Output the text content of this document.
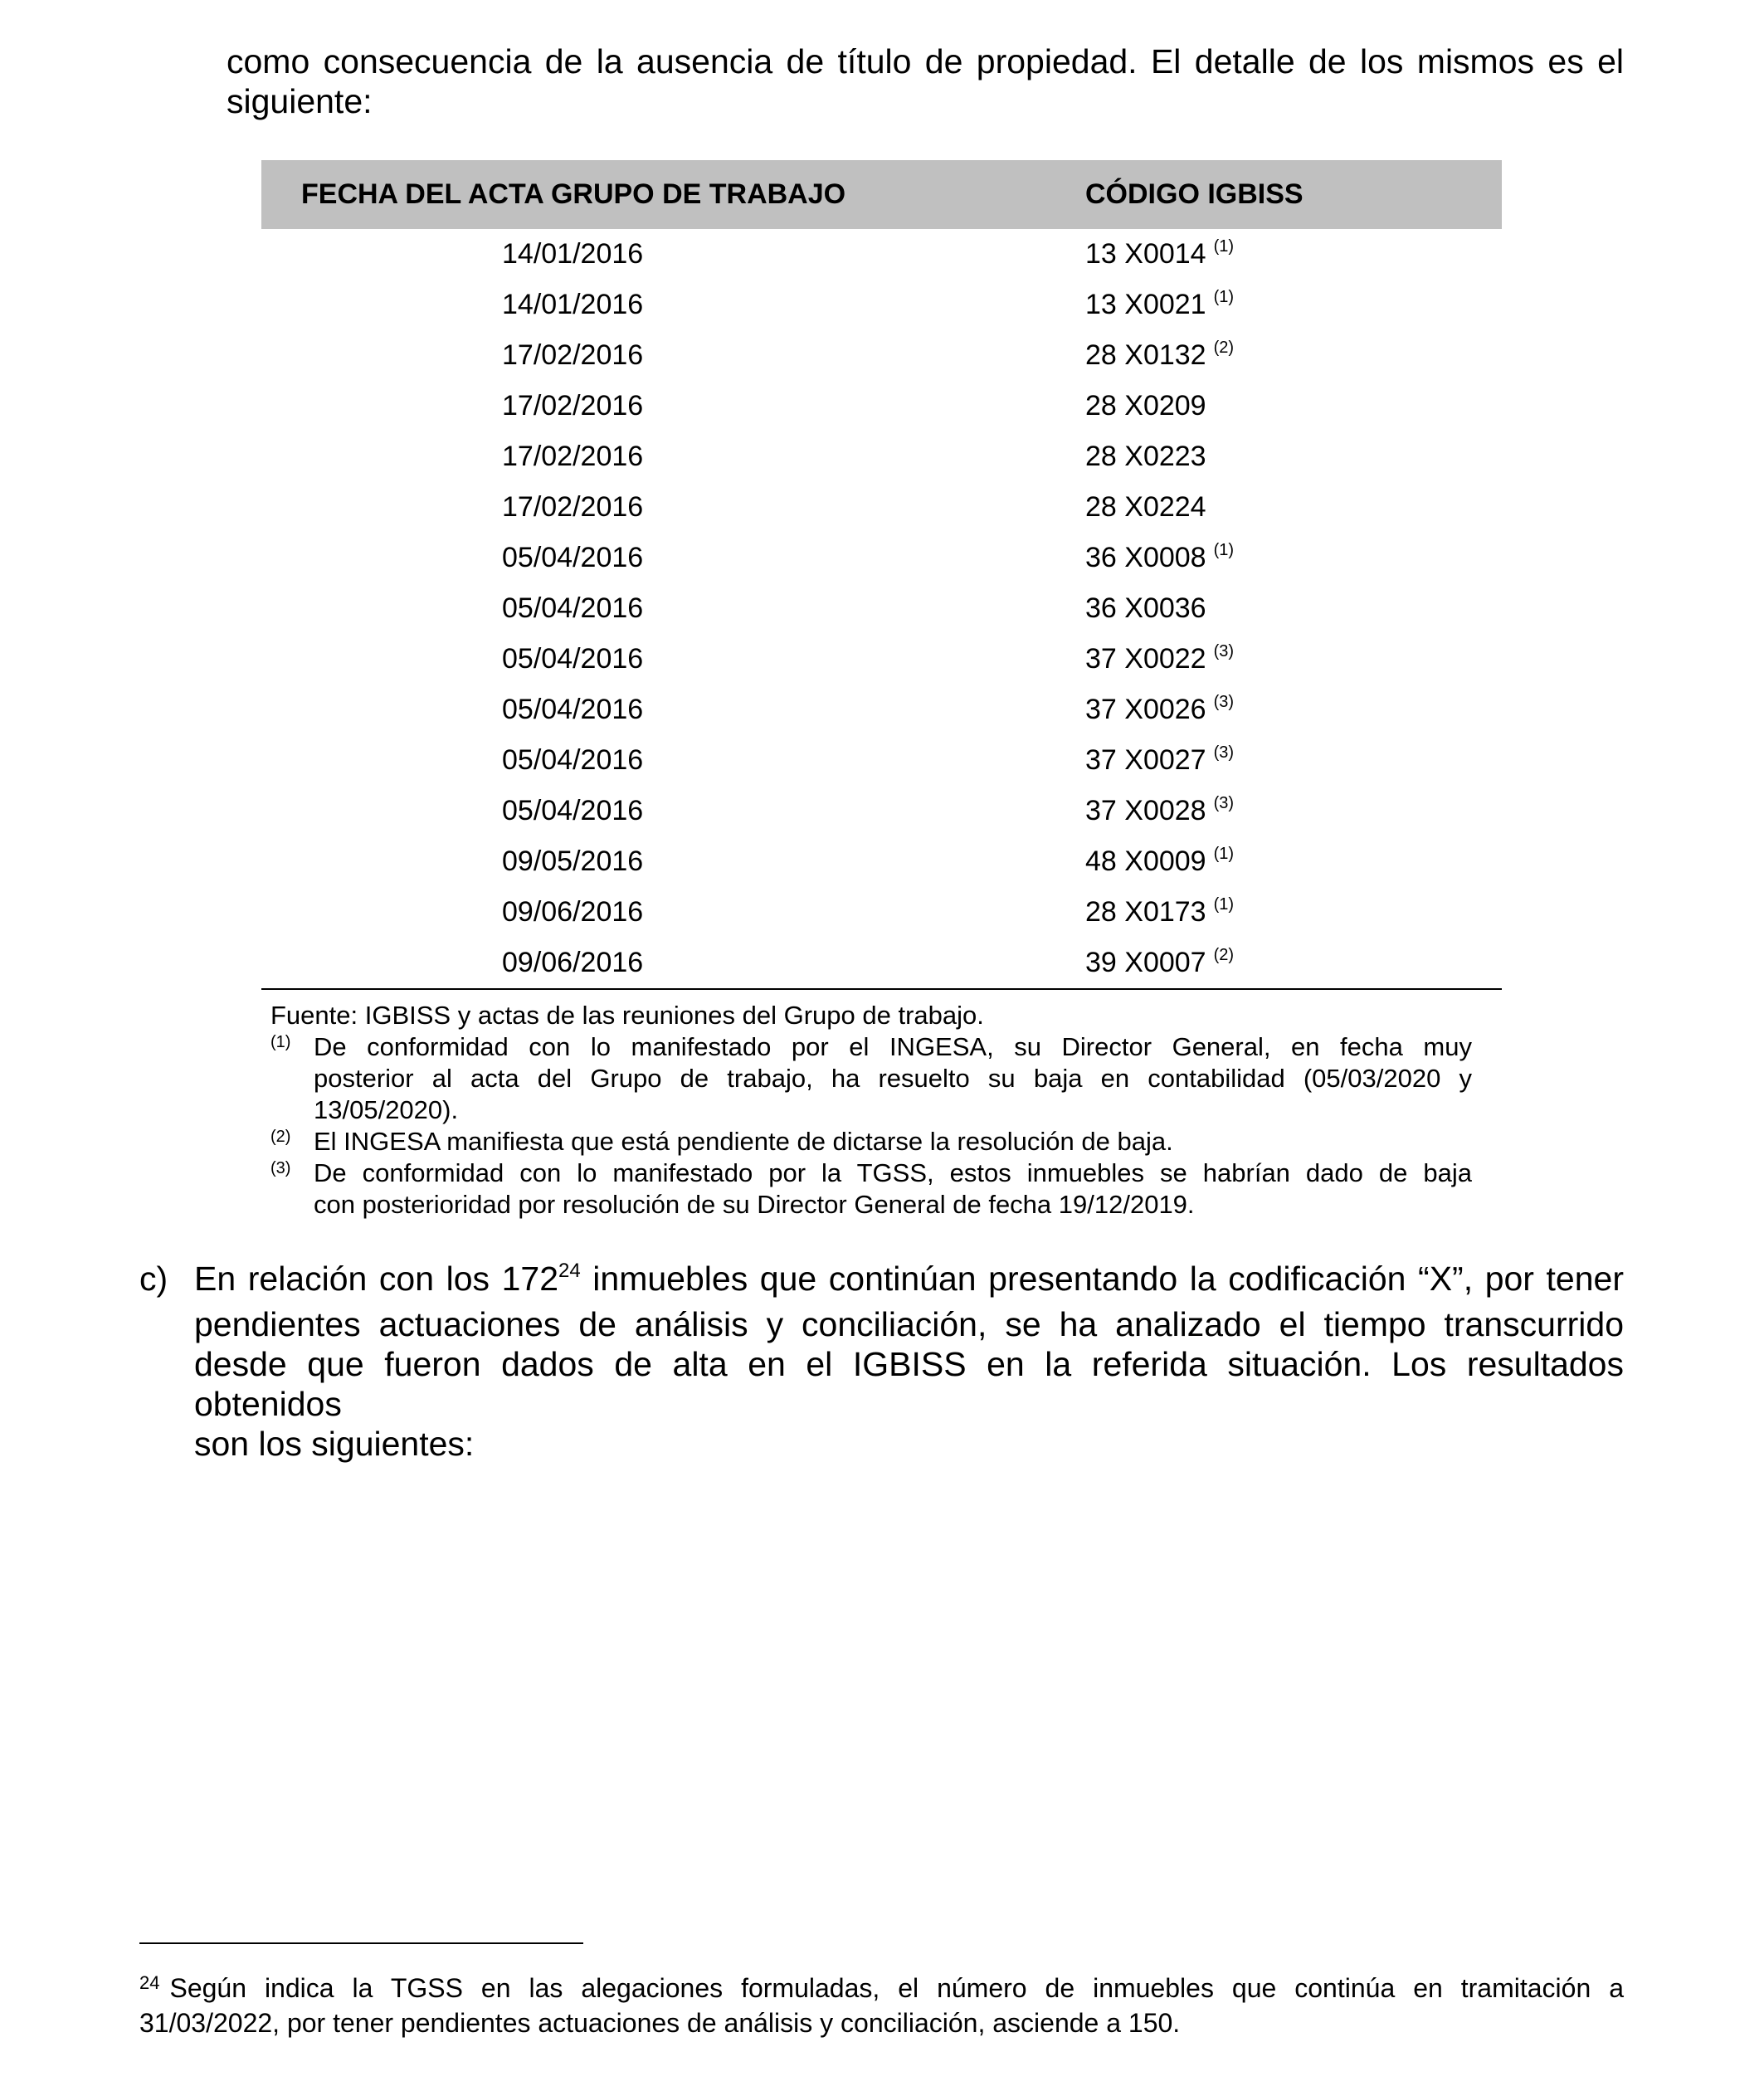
como consecuencia de la ausencia de título de propiedad. El detalle de los mismos es el
siguiente:

FECHA DEL ACTA GRUPO DE TRABAJO	CÓDIGO IGBISS
14/01/2016	13 X0014 $^{(1)}$
14/01/2016	13 X0021 $^{(1)}$
17/02/2016	28 X0132 $^{(2)}$
17/02/2016	28 X0209
17/02/2016	28 X0223
17/02/2016	28 X0224
05/04/2016	36 X0008 $^{(1)}$
05/04/2016	36 X0036
05/04/2016	37 X0022 $^{(3)}$
05/04/2016	37 X0026 $^{(3)}$
05/04/2016	37 X0027 $^{(3)}$
05/04/2016	37 X0028 $^{(3)}$
09/05/2016	48 X0009 $^{(1)}$
09/06/2016	28 X0173 $^{(1)}$
09/06/2016	39 X0007 $^{(2)}$
Fuente: IGBISS y actas de las reuniones del Grupo de trabajo.
(1) De conformidad con lo manifestado por el INGESA, su Director General, en fecha muy
posterior al acta del Grupo de trabajo, ha resuelto su baja en contabilidad (05/03/2020 y
13/05/2020).
(2) El INGESA manifiesta que está pendiente de dictarse la resolución de baja.
(3) De conformidad con lo manifestado por la TGSS, estos inmuebles se habrían dado de baja
con posterioridad por resolución de su Director General de fecha 19/12/2019.
c) En relación con los $172^{24}$ inmuebles que continúan presentando la codificación “X”, por tener
pendientes actuaciones de análisis y conciliación, se ha analizado el tiempo transcurrido
desde que fueron dados de alta en el IGBISS en la referida situación. Los resultados obtenidos
son los siguientes:
$^{24}$ Según indica la TGSS en las alegaciones formuladas, el número de inmuebles que continúa en tramitación a
31/03/2022, por tener pendientes actuaciones de análisis y conciliación, asciende a 150.
